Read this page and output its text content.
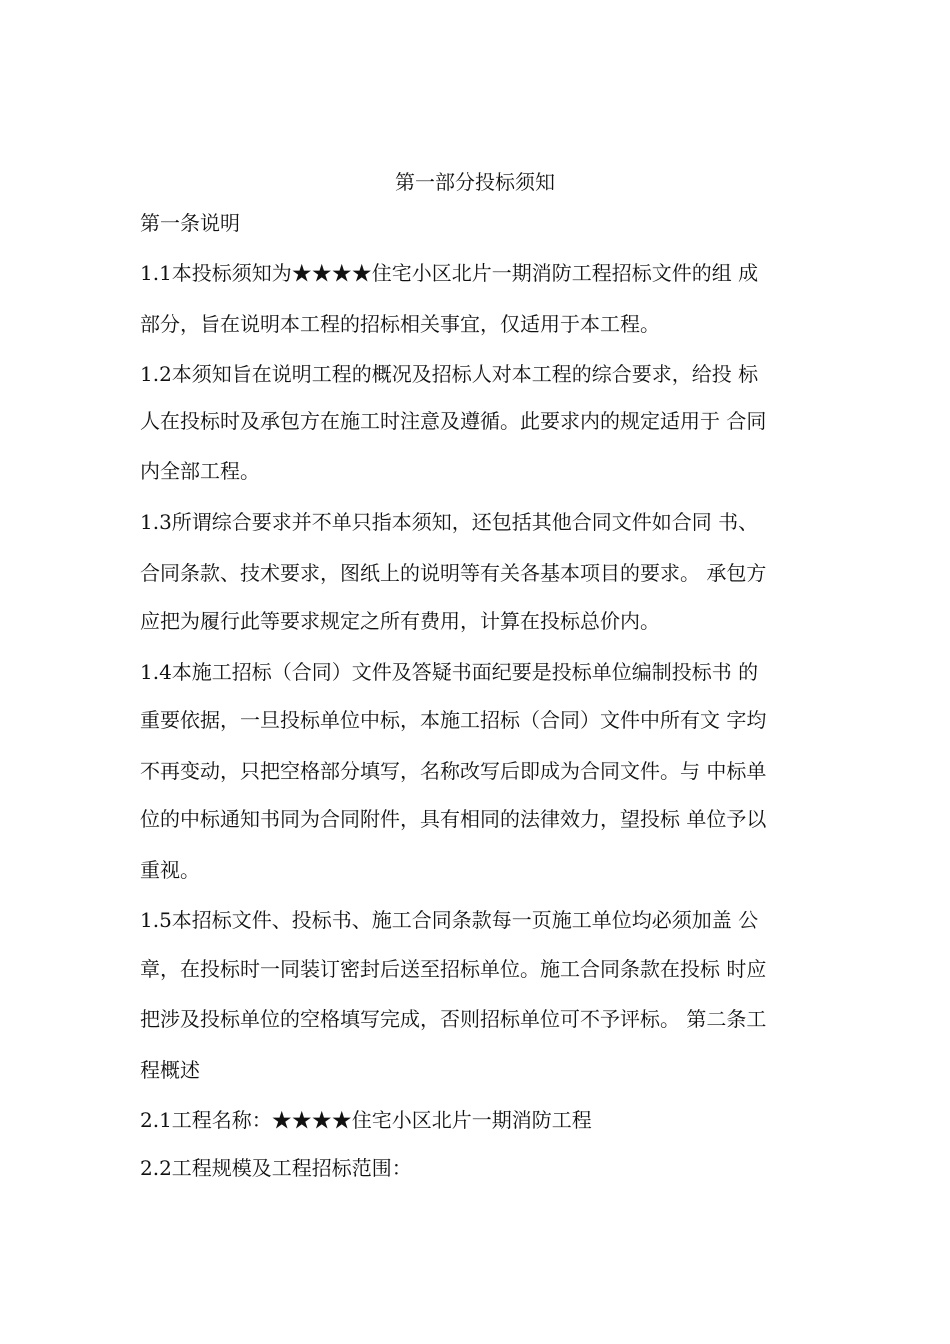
第一部分投标须知
第一条说明
1.1本投标须知为★★★★住宅小区北片一期消防工程招标文件的组 成
部分，旨在说明本工程的招标相关事宜，仅适用于本工程。
1.2本须知旨在说明工程的概况及招标人对本工程的综合要求，给投 标
人在投标时及承包方在施工时注意及遵循。此要求内的规定适用于 合同
内全部工程。
1.3所谓综合要求并不单只指本须知，还包括其他合同文件如合同 书、
合同条款、技术要求，图纸上的说明等有关各基本项目的要求。 承包方
应把为履行此等要求规定之所有费用，计算在投标总价内。
1.4本施工招标（合同）文件及答疑书面纪要是投标单位编制投标书 的
重要依据，一旦投标单位中标，本施工招标（合同）文件中所有文 字均
不再变动，只把空格部分填写，名称改写后即成为合同文件。与 中标单
位的中标通知书同为合同附件，具有相同的法律效力，望投标 单位予以
重视。
1.5本招标文件、投标书、施工合同条款每一页施工单位均必须加盖 公
章，在投标时一同装订密封后送至招标单位。施工合同条款在投标 时应
把涉及投标单位的空格填写完成，否则招标单位可不予评标。 第二条工
程概述
2.1工程名称：★★★★住宅小区北片一期消防工程
2.2工程规模及工程招标范围：
